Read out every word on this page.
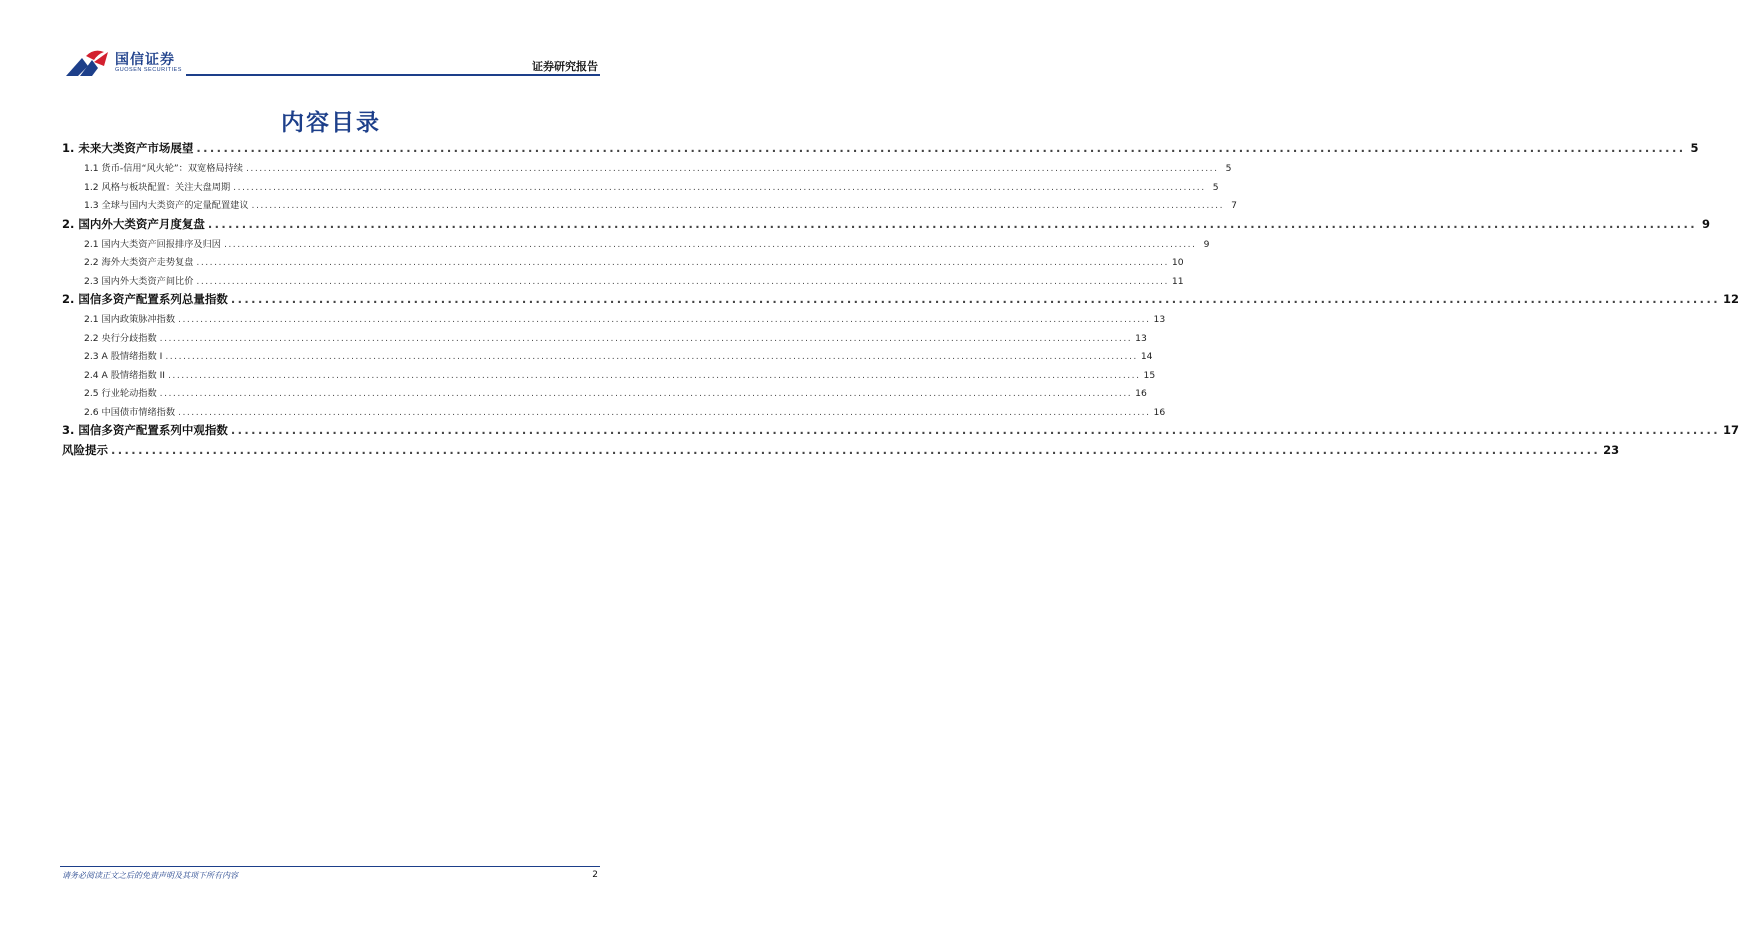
国信证券
GUOSEN SECURITIES	证券研究报告
内容目录
1. 未来大类资产市场展望 ............................................................................................................................................................................................................................ 5
1.1 货币-信用“风火轮”：双宽格局持续 ............................................................................................................................................................................................................................ 5
1.2 风格与板块配置：关注大盘周期 ............................................................................................................................................................................................................................ 5
1.3 全球与国内大类资产的定量配置建议 ............................................................................................................................................................................................................................ 7
2. 国内外大类资产月度复盘 ............................................................................................................................................................................................................................ 9
2.1 国内大类资产回报排序及归因 ............................................................................................................................................................................................................................ 9
2.2 海外大类资产走势复盘 ............................................................................................................................................................................................................................ 10
2.3 国内外大类资产间比价 ............................................................................................................................................................................................................................ 11
2. 国信多资产配置系列总量指数 ............................................................................................................................................................................................................................ 12
2.1 国内政策脉冲指数 ............................................................................................................................................................................................................................ 13
2.2 央行分歧指数 ............................................................................................................................................................................................................................ 13
2.3 A 股情绪指数 I ............................................................................................................................................................................................................................ 14
2.4 A 股情绪指数 II ............................................................................................................................................................................................................................ 15
2.5 行业轮动指数 ............................................................................................................................................................................................................................ 16
2.6 中国债市情绪指数 ............................................................................................................................................................................................................................ 16
3. 国信多资产配置系列中观指数 ............................................................................................................................................................................................................................ 17
风险提示 ............................................................................................................................................................................................................................ 23
请务必阅读正文之后的免责声明及其项下所有内容	2
